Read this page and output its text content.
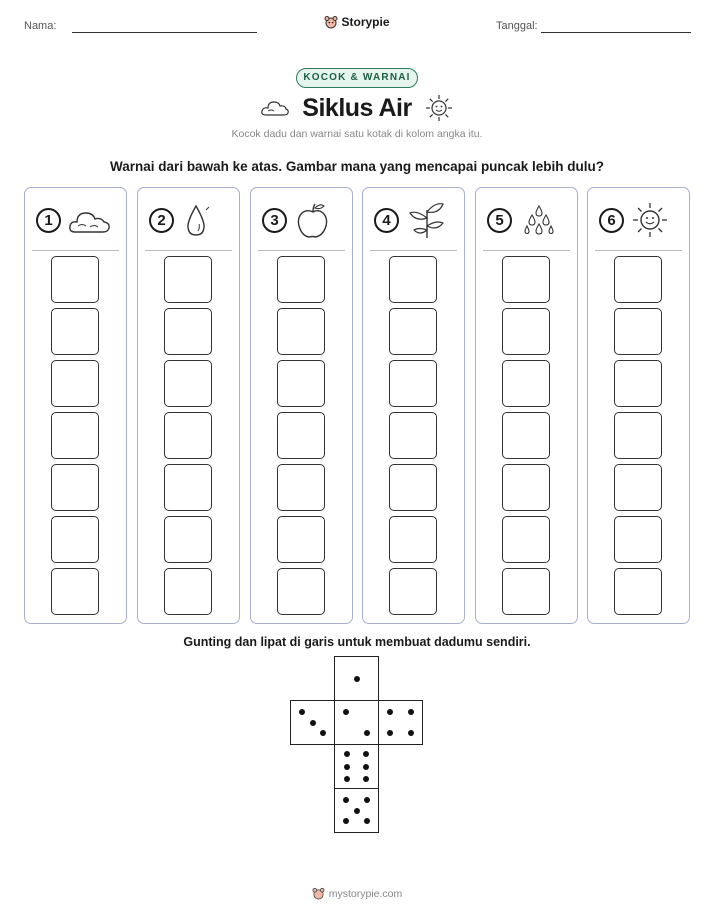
Nama:	Tanggal:
Storypie
KOCOK & WARNAI
Siklus Air
Kocok dadu dan warnai satu kotak di kolom angka itu.
Warnai dari bawah ke atas. Gambar mana yang mencapai puncak lebih dulu?
1	2	3	4	5	6
Gunting dan lipat di garis untuk membuat dadumu sendiri.
mystorypie.com
